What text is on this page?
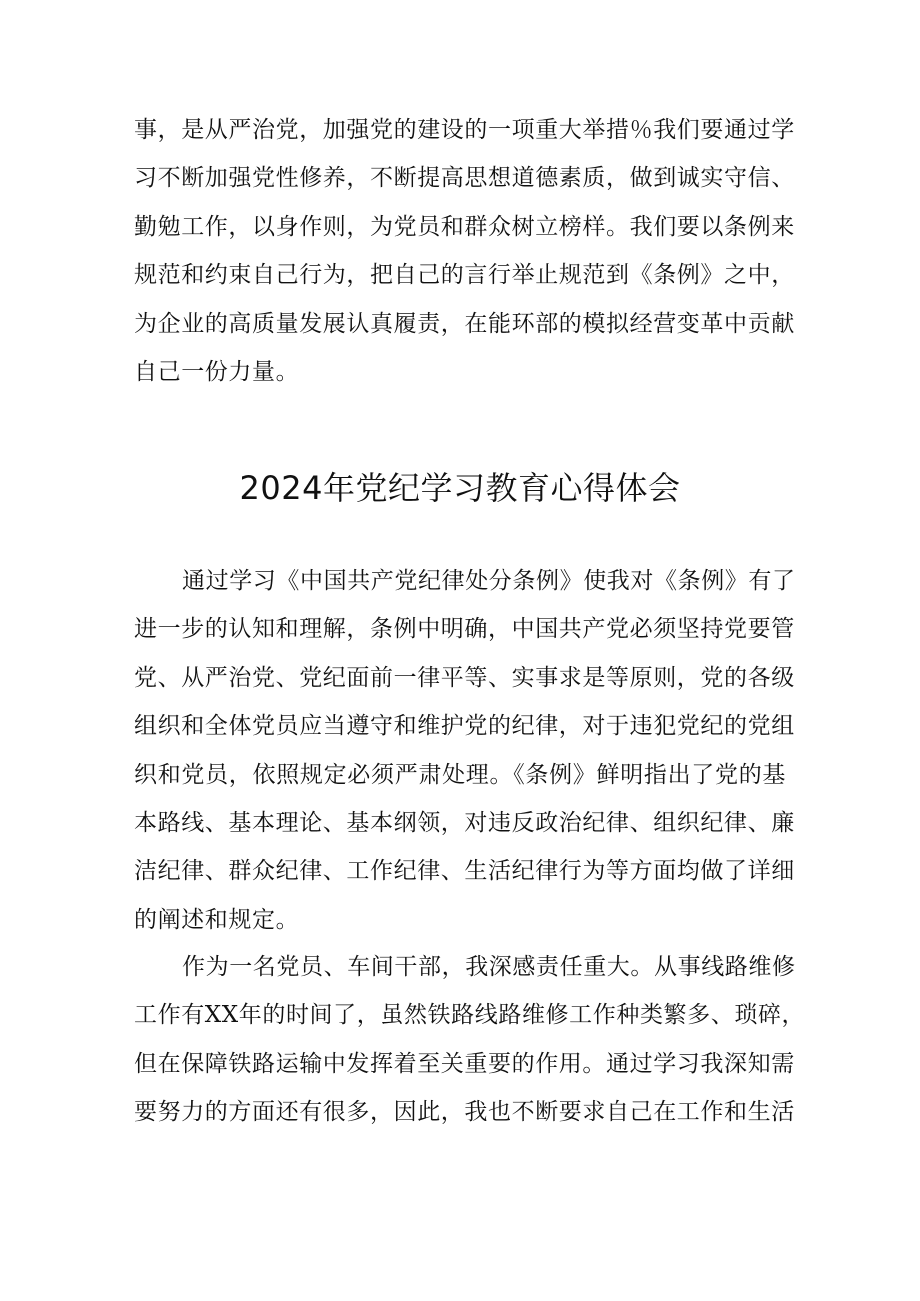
事，是从严治党，加强党的建设的一项重大举措％我们要通过学
习不断加强党性修养，不断提高思想道德素质，做到诚实守信、
勤勉工作，以身作则，为党员和群众树立榜样。我们要以条例来
规范和约束自己行为，把自己的言行举止规范到《条例》之中，
为企业的高质量发展认真履责，在能环部的模拟经营变革中贡献
自己一份力量。

2024年党纪学习教育心得体会

通过学习《中国共产党纪律处分条例》使我对《条例》有了
进一步的认知和理解，条例中明确，中国共产党必须坚持党要管
党、从严治党、党纪面前一律平等、实事求是等原则，党的各级
组织和全体党员应当遵守和维护党的纪律，对于违犯党纪的党组
织和党员，依照规定必须严肃处理。《条例》鲜明指出了党的基
本路线、基本理论、基本纲领，对违反政治纪律、组织纪律、廉
洁纪律、群众纪律、工作纪律、生活纪律行为等方面均做了详细
的阐述和规定。

作为一名党员、车间干部，我深感责任重大。从事线路维修
工作有XX年的时间了，虽然铁路线路维修工作种类繁多、琐碎，
但在保障铁路运输中发挥着至关重要的作用。通过学习我深知需
要努力的方面还有很多，因此，我也不断要求自己在工作和生活
